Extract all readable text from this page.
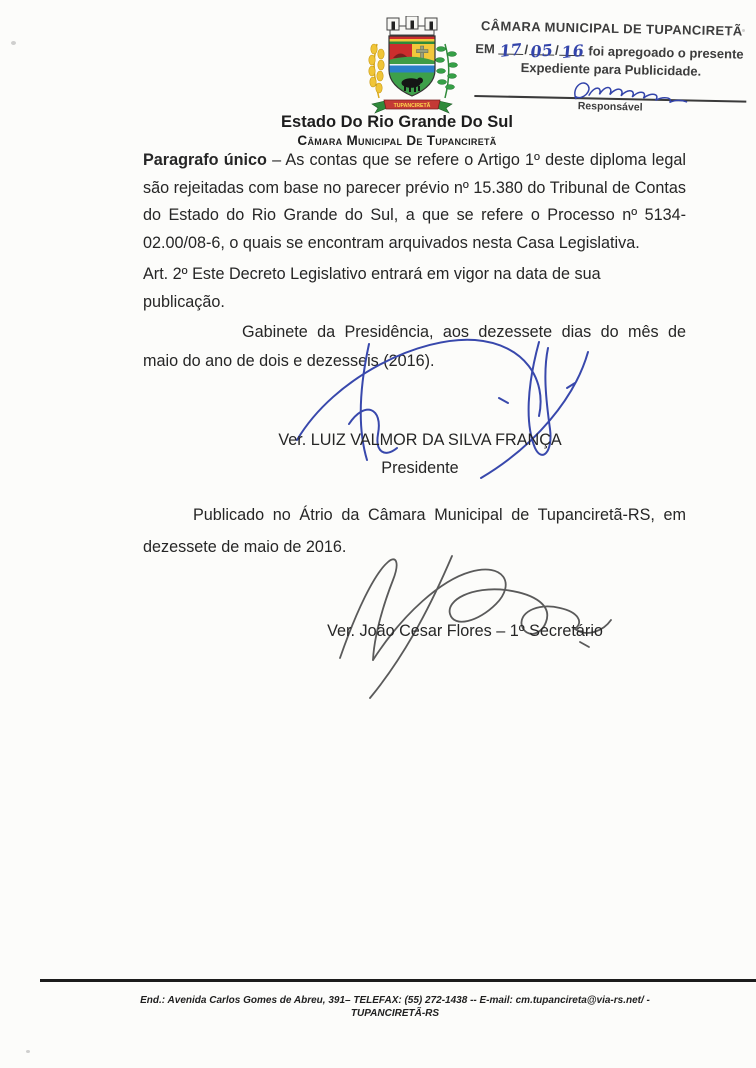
TUPANCIRETÃ
CÂMARA MUNICIPAL DE TUPANCIRETÃ
EM 17/05/16 foi apregoado o presente
Expediente para Publicidade.
Responsável
Estado Do Rio Grande Do Sul
Câmara Municipal De Tupanciretã

Paragrafo único – As contas que se refere o Artigo 1º deste diploma legal são rejeitadas com base no parecer prévio nº 15.380 do Tribunal de Contas do Estado do Rio Grande do Sul, a que se refere o Processo nº 5134-02.00/08-6, o quais se encontram arquivados nesta Casa Legislativa.

Art. 2º Este Decreto Legislativo entrará em vigor na data de sua publicação.

Gabinete da Presidência, aos dezessete dias do mês de maio do ano de dois e dezesseis (2016).

Ver. LUIZ VALMOR DA SILVA FRANÇA
Presidente

Publicado no Átrio da Câmara Municipal de Tupanciretã-RS, em dezessete de maio de 2016.

Ver. João Cesar Flores – 1º Secretário
End.: Avenida Carlos Gomes de Abreu, 391– TELEFAX: (55) 272-1438 -- E-mail: cm.tupancireta@via-rs.net/ -
TUPANCIRETÃ-RS
